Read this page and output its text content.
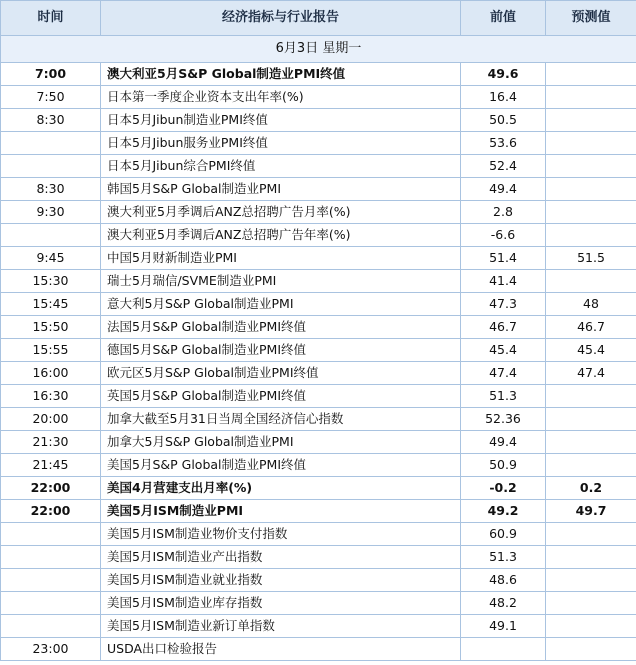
时间	经济指标与行业报告	前值	预测值
6月3日 星期一			
7:00	澳大利亚5月S&P Global制造业PMI终值	49.6	
7:50	日本第一季度企业资本支出年率(%)	16.4	
8:30	日本5月Jibun制造业PMI终值	50.5	
	日本5月Jibun服务业PMI终值	53.6	
	日本5月Jibun综合PMI终值	52.4	
8:30	韩国5月S&P Global制造业PMI	49.4	
9:30	澳大利亚5月季调后ANZ总招聘广告月率(%)	2.8	
	澳大利亚5月季调后ANZ总招聘广告年率(%)	-6.6	
9:45	中国5月财新制造业PMI	51.4	51.5
15:30	瑞士5月瑞信/SVME制造业PMI	41.4	
15:45	意大利5月S&P Global制造业PMI	47.3	48
15:50	法国5月S&P Global制造业PMI终值	46.7	46.7
15:55	德国5月S&P Global制造业PMI终值	45.4	45.4
16:00	欧元区5月S&P Global制造业PMI终值	47.4	47.4
16:30	英国5月S&P Global制造业PMI终值	51.3	
20:00	加拿大截至5月31日当周全国经济信心指数	52.36	
21:30	加拿大5月S&P Global制造业PMI	49.4	
21:45	美国5月S&P Global制造业PMI终值	50.9	
22:00	美国4月营建支出月率(%)	-0.2	0.2
22:00	美国5月ISM制造业PMI	49.2	49.7
	美国5月ISM制造业物价支付指数	60.9	
	美国5月ISM制造业产出指数	51.3	
	美国5月ISM制造业就业指数	48.6	
	美国5月ISM制造业库存指数	48.2	
	美国5月ISM制造业新订单指数	49.1	
23:00	USDA出口检验报告		
